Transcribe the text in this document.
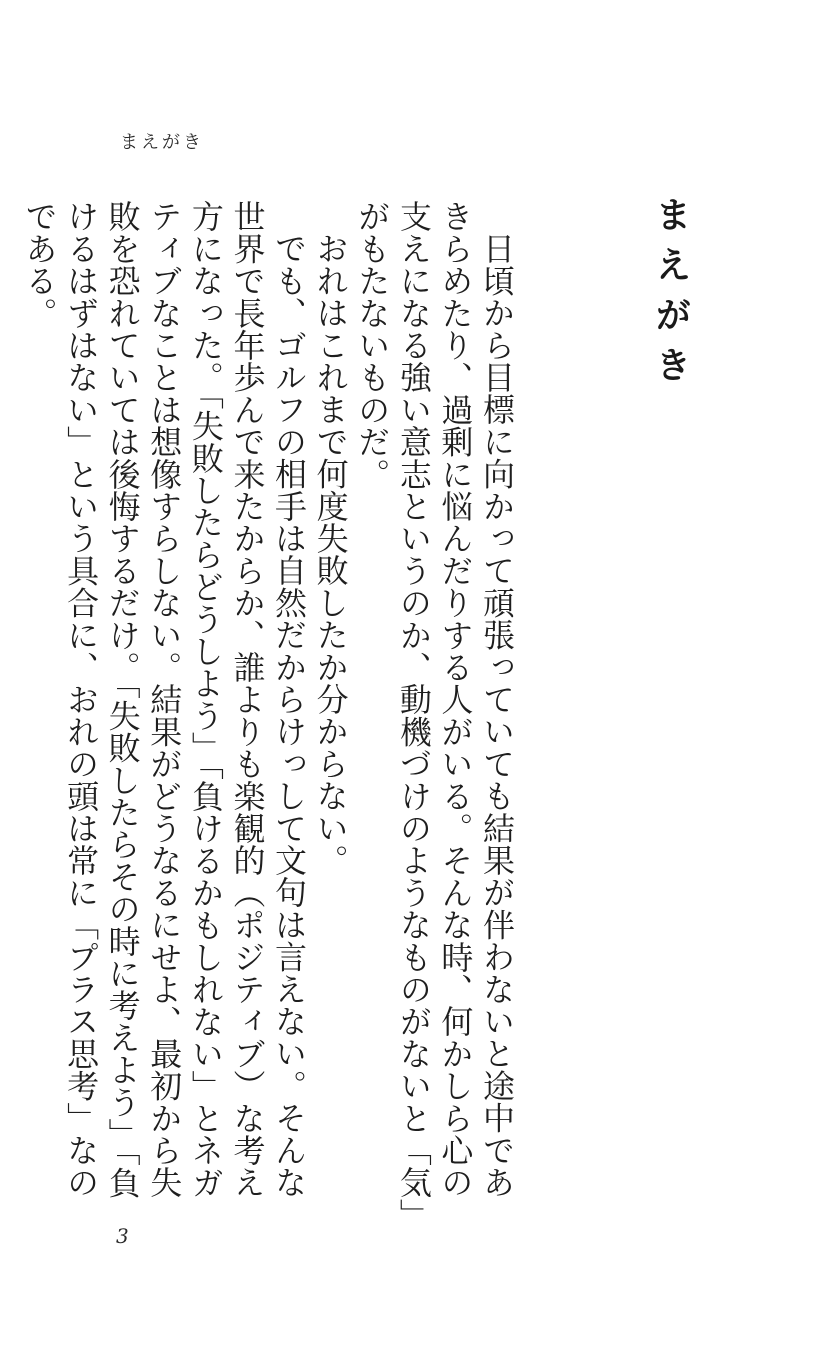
まえがき
まえがき

日頃から目標に向かって頑張っていても結果が伴わないと途中であきらめたり、過剰に悩んだりする人がいる。そんな時、何かしら心の支えになる強い意志というのか、動機づけのようなものがないと「気」がもたないものだ。

おれはこれまで何度失敗したか分からない。

でも、ゴルフの相手は自然だからけっして文句は言えない。そんな世界で長年歩んで来たからか、誰よりも楽観的（ポジティブ）な考え方になった。「失敗したらどうしよう」「負けるかもしれない」とネガティブなことは想像すらしない。結果がどうなるにせよ、最初から失敗を恐れていては後悔するだけ。「失敗したらその時に考えよう」「負けるはずはない」という具合に、おれの頭は常に「プラス思考」なのである。

3
